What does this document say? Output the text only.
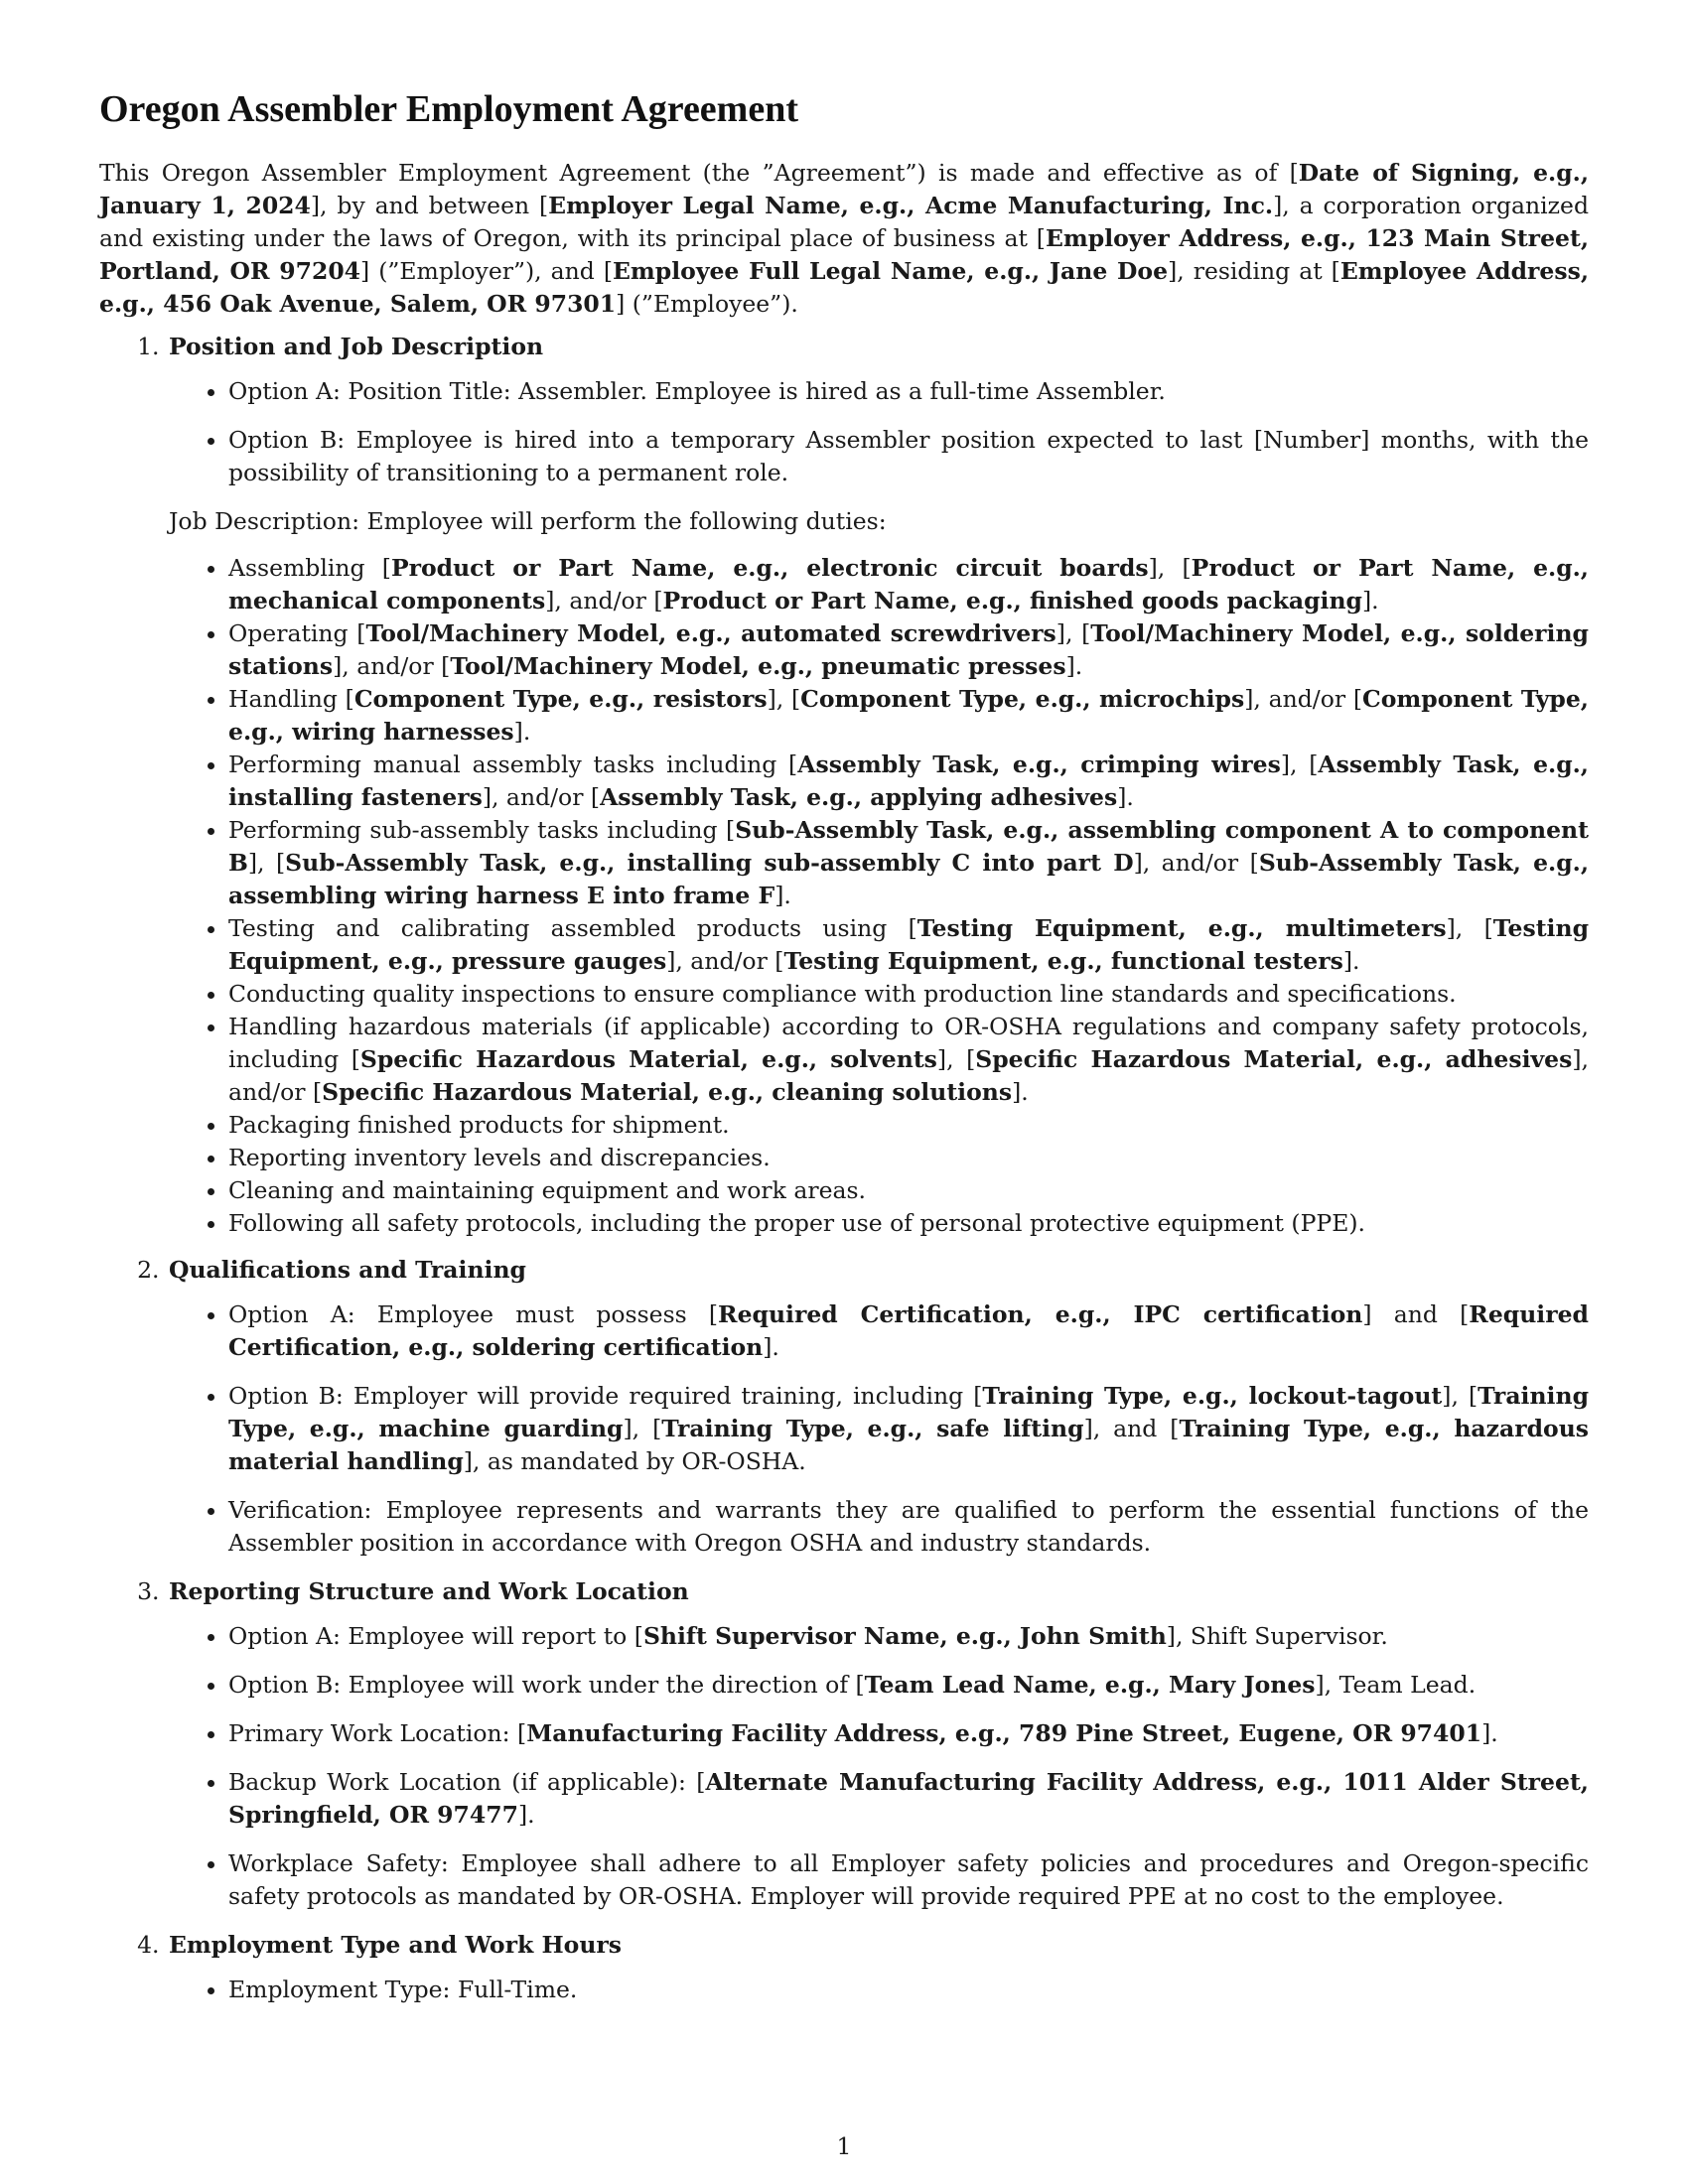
Oregon Assembler Employment Agreement

This Oregon Assembler Employment Agreement (the ”Agreement”) is made and effective as of [Date of Signing, e.g., January 1, 2024], by and between [Employer Legal Name, e.g., Acme Manufacturing, Inc.], a corporation organized and existing under the laws of Oregon, with its principal place of business at [Employer Address, e.g., 123 Main Street, Portland, OR 97204] (”Employer”), and [Employee Full Legal Name, e.g., Jane Doe], residing at [Employee Address, e.g., 456 Oak Avenue, Salem, OR 97301] (”Employee”).

1. Position and Job Description
• Option A: Position Title: Assembler. Employee is hired as a full-time Assembler.
• Option B: Employee is hired into a temporary Assembler position expected to last [Number] months, with the possibility of transitioning to a permanent role.

Job Description: Employee will perform the following duties:

• Assembling [Product or Part Name, e.g., electronic circuit boards], [Product or Part Name, e.g., mechanical components], and/or [Product or Part Name, e.g., finished goods packaging].
• Operating [Tool/Machinery Model, e.g., automated screwdrivers], [Tool/Machinery Model, e.g., soldering stations], and/or [Tool/Machinery Model, e.g., pneumatic presses].
• Handling [Component Type, e.g., resistors], [Component Type, e.g., microchips], and/or [Component Type, e.g., wiring harnesses].
• Performing manual assembly tasks including [Assembly Task, e.g., crimping wires], [Assembly Task, e.g., installing fasteners], and/or [Assembly Task, e.g., applying adhesives].
• Performing sub-assembly tasks including [Sub-Assembly Task, e.g., assembling component A to component B], [Sub-Assembly Task, e.g., installing sub-assembly C into part D], and/or [Sub-Assembly Task, e.g., assembling wiring harness E into frame F].
• Testing and calibrating assembled products using [Testing Equipment, e.g., multimeters], [Testing Equipment, e.g., pressure gauges], and/or [Testing Equipment, e.g., functional testers].
• Conducting quality inspections to ensure compliance with production line standards and specifications.
• Handling hazardous materials (if applicable) according to OR-OSHA regulations and company safety protocols, including [Specific Hazardous Material, e.g., solvents], [Specific Hazardous Material, e.g., adhesives], and/or [Specific Hazardous Material, e.g., cleaning solutions].
• Packaging finished products for shipment.
• Reporting inventory levels and discrepancies.
• Cleaning and maintaining equipment and work areas.
• Following all safety protocols, including the proper use of personal protective equipment (PPE).
2. Qualifications and Training
• Option A: Employee must possess [Required Certification, e.g., IPC certification] and [Required Certification, e.g., soldering certification].
• Option B: Employer will provide required training, including [Training Type, e.g., lockout-tagout], [Training Type, e.g., machine guarding], [Training Type, e.g., safe lifting], and [Training Type, e.g., hazardous material handling], as mandated by OR-OSHA.
• Verification: Employee represents and warrants they are qualified to perform the essential functions of the Assembler position in accordance with Oregon OSHA and industry standards.
3. Reporting Structure and Work Location
• Option A: Employee will report to [Shift Supervisor Name, e.g., John Smith], Shift Supervisor.
• Option B: Employee will work under the direction of [Team Lead Name, e.g., Mary Jones], Team Lead.
• Primary Work Location: [Manufacturing Facility Address, e.g., 789 Pine Street, Eugene, OR 97401].
• Backup Work Location (if applicable): [Alternate Manufacturing Facility Address, e.g., 1011 Alder Street, Springfield, OR 97477].
• Workplace Safety: Employee shall adhere to all Employer safety policies and procedures and Oregon-specific safety protocols as mandated by OR-OSHA. Employer will provide required PPE at no cost to the employee.
4. Employment Type and Work Hours
• Employment Type: Full-Time.
1
